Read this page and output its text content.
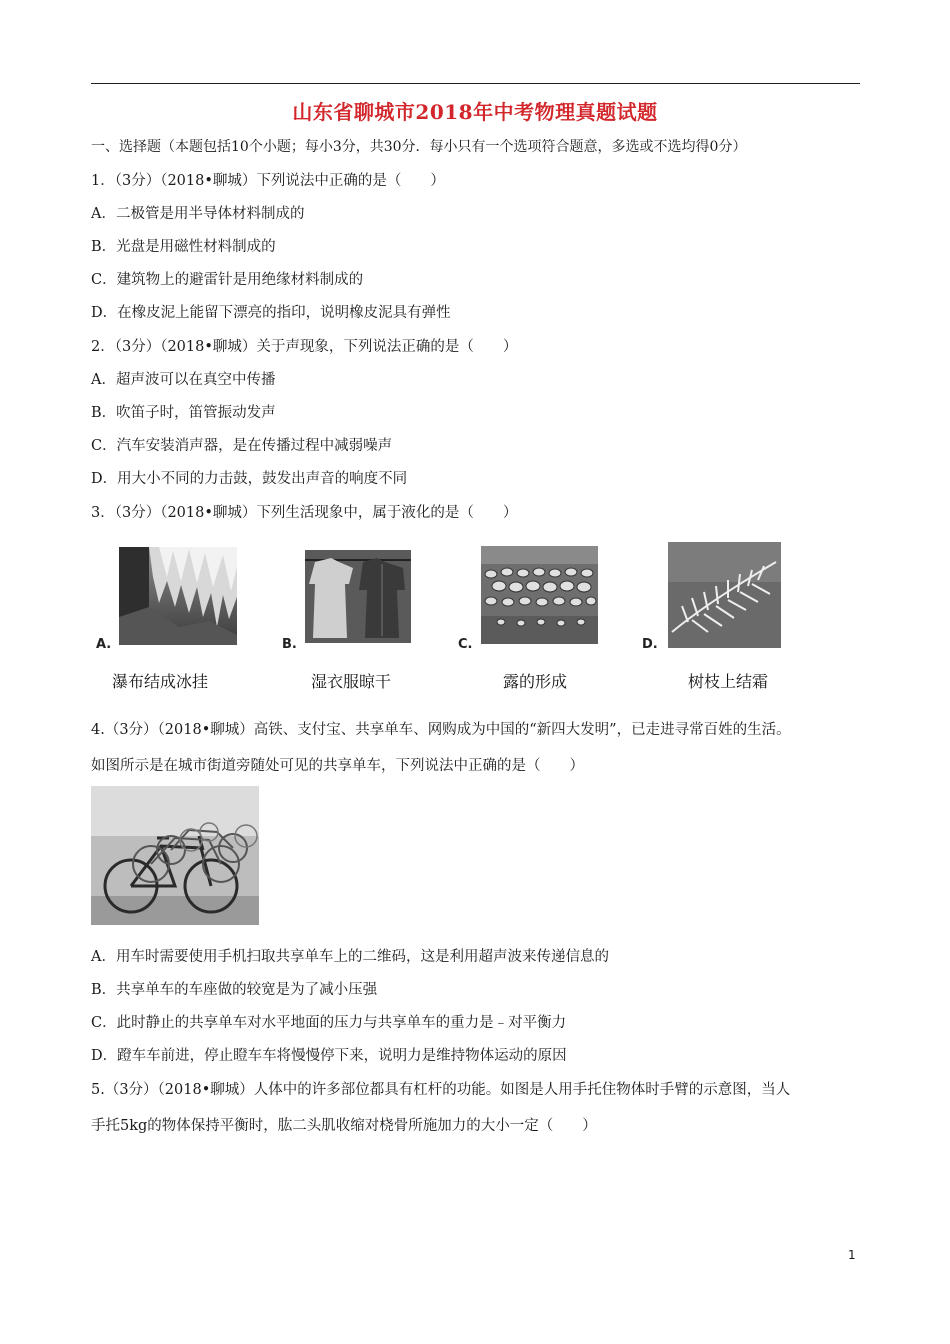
山东省聊城市2018年中考物理真题试题
一、选择题（本题包括10个小题；每小3分，共30分．每小只有一个选项符合题意，多选或不选均得0分）
1．（3分）（2018•聊城）下列说法中正确的是（　　）
A．二极管是用半导体材料制成的
B．光盘是用磁性材料制成的
C．建筑物上的避雷针是用绝缘材料制成的
D．在橡皮泥上能留下漂亮的指印，说明橡皮泥具有弹性
2．（3分）（2018•聊城）关于声现象，下列说法正确的是（　　）
A．超声波可以在真空中传播
B．吹笛子时，笛管振动发声
C．汽车安装消声器，是在传播过程中减弱噪声
D．用大小不同的力击鼓，鼓发出声音的响度不同
3．（3分）（2018•聊城）下列生活现象中，属于液化的是（　　）
A.	B.	C.	D.
瀑布结成冰挂	湿衣服晾干	露的形成	树枝上结霜
4.（3分）（2018•聊城）高铁、支付宝、共享单车、网购成为中国的“新四大发明”，已走进寻常百姓的生活。
如图所示是在城市街道旁随处可见的共享单车，下列说法中正确的是（　　）
A．用车时需要使用手机扫取共享单车上的二维码，这是利用超声波来传递信息的
B．共享单车的车座做的较宽是为了减小压强
C．此时静止的共享单车对水平地面的压力与共享单车的重力是﹣对平衡力
D．蹬车车前进，停止瞪车车将慢慢停下来，说明力是维持物体运动的原因
5.（3分）（2018•聊城）人体中的许多部位都具有杠杆的功能。如图是人用手托住物体时手臂的示意图，当人
手托5kg的物体保持平衡时，肱二头肌收缩对桡骨所施加力的大小一定（　　）
1
